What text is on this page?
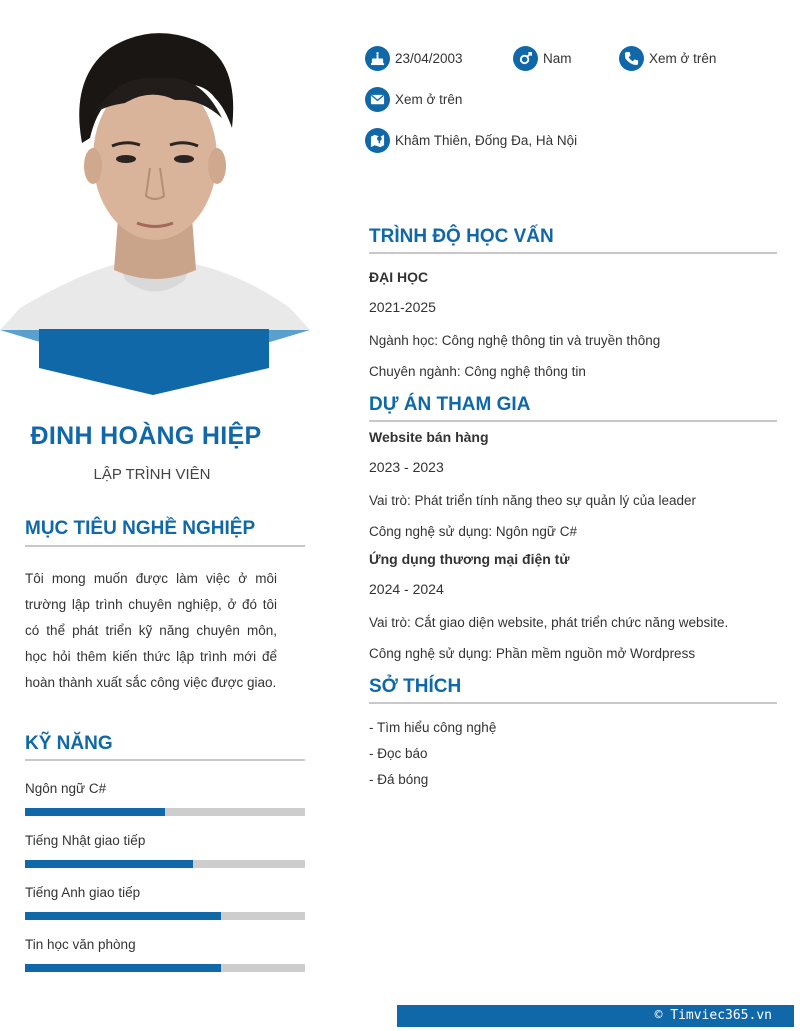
ĐINH HOÀNG HIỆP
LẬP TRÌNH VIÊN
MỤC TIÊU NGHỀ NGHIỆP
Tôi mong muốn được làm việc ở môi trường lập trình chuyên nghiệp, ở đó tôi có thể phát triển kỹ năng chuyên môn, học hỏi thêm kiến thức lập trình mới để hoàn thành xuất sắc công việc được giao.
KỸ NĂNG
Ngôn ngữ C#
Tiếng Nhật giao tiếp
Tiếng Anh giao tiếp
Tin học văn phòng
23/04/2003	Nam	Xem ở trên
Xem ở trên
Khâm Thiên, Đống Đa, Hà Nội
TRÌNH ĐỘ HỌC VẤN
ĐẠI HỌC
2021-2025
Ngành học: Công nghệ thông tin và truyền thông
Chuyên ngành: Công nghệ thông tin
DỰ ÁN THAM GIA
Website bán hàng
2023 - 2023
Vai trò: Phát triển tính năng theo sự quản lý của leader
Công nghệ sử dụng: Ngôn ngữ C#
Ứng dụng thương mại điện tử
2024 - 2024
Vai trò: Cắt giao diện website, phát triển chức năng website.
Công nghệ sử dụng: Phần mềm nguồn mở Wordpress
SỞ THÍCH
- Tìm hiểu công nghệ
- Đọc báo
- Đá bóng
© Timviec365.vn
